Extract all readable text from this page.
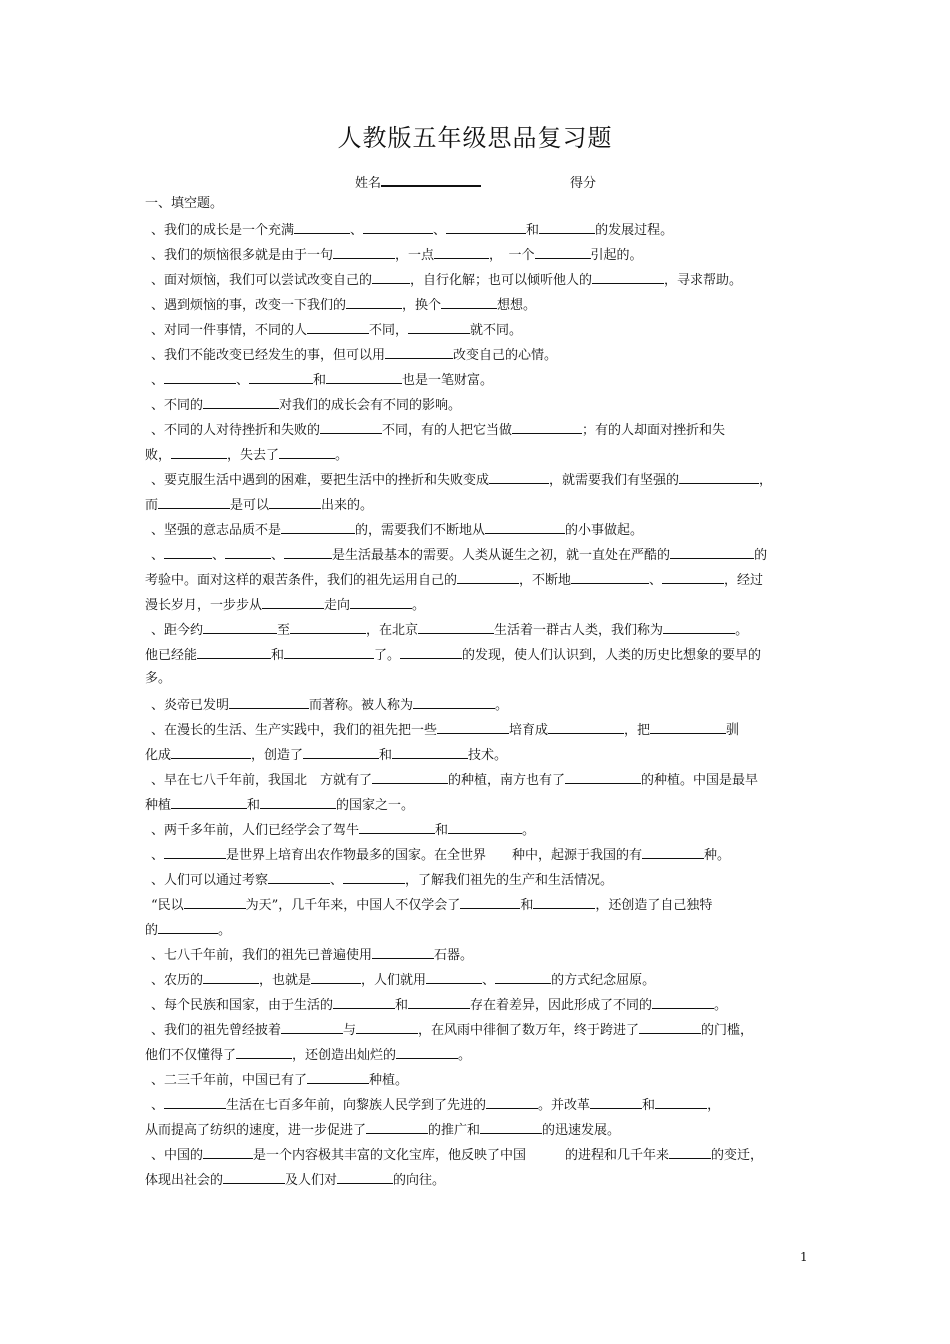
人教版五年级思品复习题
姓名	得分
一、填空题。
、我们的成长是一个充满	、	、	和	的发展过程。
、我们的烦恼很多就是由于一句	，一点	，　一个	引起的。
、面对烦恼，我们可以尝试改变自己的	，自行化解；也可以倾听他人的	，寻求帮助。
、遇到烦恼的事，改变一下我们的	，换个	想想。
、对同一件事情，不同的人	不同，	就不同。
、我们不能改变已经发生的事，但可以用	改变自己的心情。
、	、	和	也是一笔财富。
、不同的	对我们的成长会有不同的影响。
、不同的人对待挫折和失败的	不同，有的人把它当做	；有的人却面对挫折和失
败，	，失去了	。
、要克服生活中遇到的困难，要把生活中的挫折和失败变成	，就需要我们有坚强的	，
而	是可以	出来的。
、坚强的意志品质不是	的，需要我们不断地从	的小事做起。
、	、	、	是生活最基本的需要。人类从诞生之初，就一直处在严酷的	的
考验中。面对这样的艰苦条件，我们的祖先运用自己的	，不断地	、	，经过
漫长岁月，一步步从	走向	。
、距今约	至	，在北京	生活着一群古人类，我们称为	。
他已经能	和	了。	的发现，使人们认识到，人类的历史比想象的要早的
多。
、炎帝已发明	而著称。被人称为	。
、在漫长的生活、生产实践中，我们的祖先把一些	培育成	，把	驯
化成	，创造了	和	技术。
、早在七八千年前，我国北　方就有了	的种植，南方也有了	的种植。中国是最早
种植	和	的国家之一。
、两千多年前，人们已经学会了驾牛	和	。
、	是世界上培育出农作物最多的国家。在全世界　　种中，起源于我国的有	种。
、人们可以通过考察	、	，了解我们祖先的生产和生活情况。
“民以	为天”，几千年来，中国人不仅学会了	和	，还创造了自己独特
的	。
、七八千年前，我们的祖先已普遍使用	石器。
、农历的	，也就是	，人们就用	、	的方式纪念屈原。
、每个民族和国家，由于生活的	和	存在着差异，因此形成了不同的	。
、我们的祖先曾经披着	与	，在风雨中徘徊了数万年，终于跨进了	的门槛，
他们不仅懂得了	，还创造出灿烂的	。
、二三千年前，中国已有了	种植。
、	生活在七百多年前，向黎族人民学到了先进的	。并改革	和	，
从而提高了纺织的速度，进一步促进了	的推广和	的迅速发展。
、中国的	是一个内容极其丰富的文化宝库，他反映了中国　　　的进程和几千年来	的变迁，
体现出社会的	及人们对	的向往。
1
